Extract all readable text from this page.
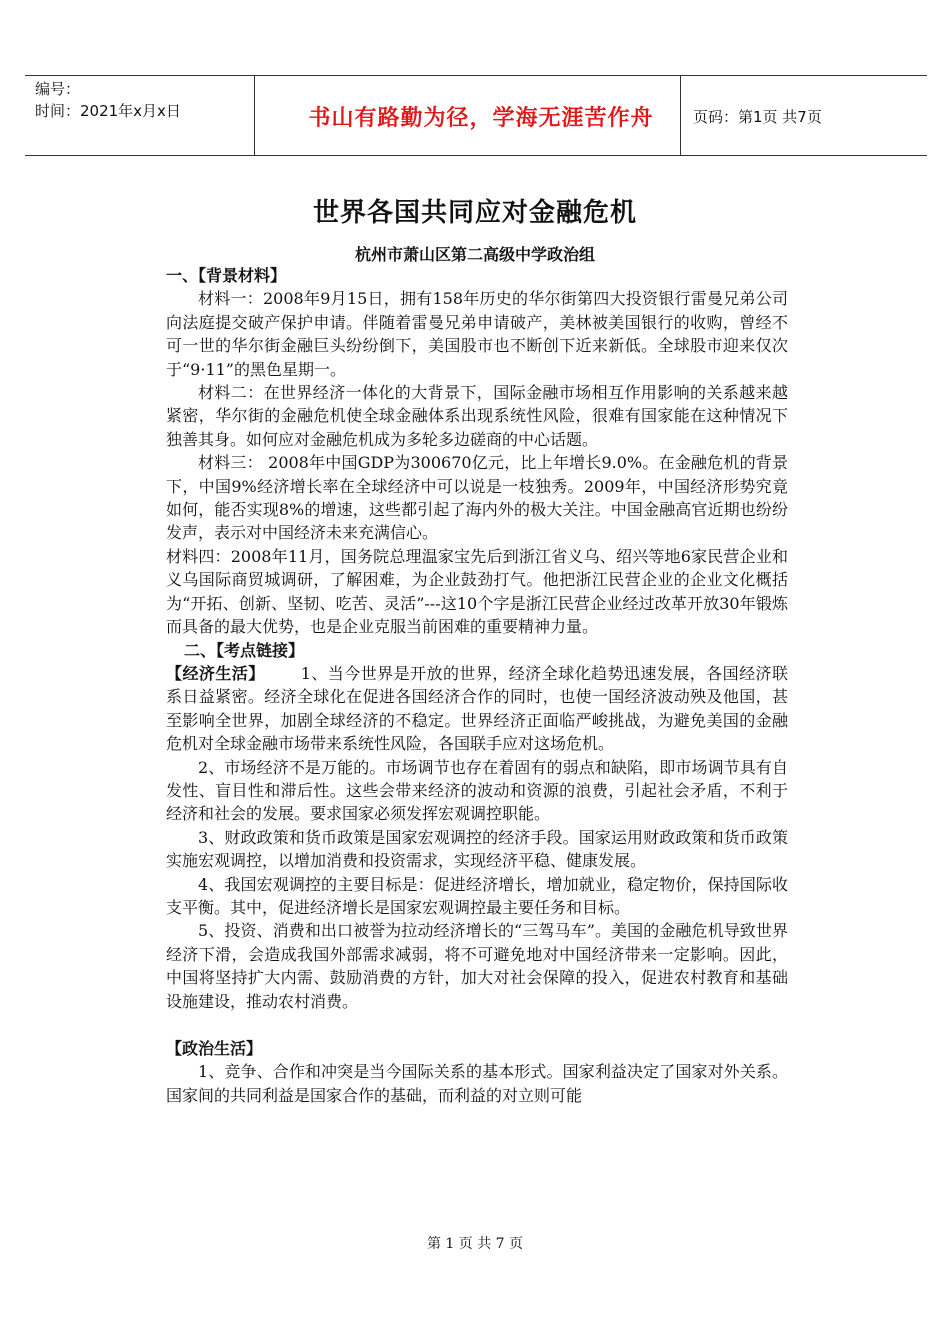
编号：
时间：2021年x月x日	书山有路勤为径，学海无涯苦作舟	页码：第1页 共7页
世界各国共同应对金融危机
杭州市萧山区第二高级中学政治组

一、【背景材料】

材料一：2008年9月15日，拥有158年历史的华尔街第四大投资银行雷曼兄弟公司向法庭提交破产保护申请。伴随着雷曼兄弟申请破产，美林被美国银行的收购，曾经不可一世的华尔街金融巨头纷纷倒下，美国股市也不断创下近来新低。全球股市迎来仅次于“9·11”的黑色星期一。

材料二：在世界经济一体化的大背景下，国际金融市场相互作用影响的关系越来越紧密，华尔街的金融危机使全球金融体系出现系统性风险，很难有国家能在这种情况下独善其身。如何应对金融危机成为多轮多边磋商的中心话题。

材料三： 2008年中国GDP为300670亿元，比上年增长9.0%。在金融危机的背景下，中国9%经济增长率在全球经济中可以说是一枝独秀。2009年，中国经济形势究竟如何，能否实现8%的增速，这些都引起了海内外的极大关注。中国金融高官近期也纷纷发声，表示对中国经济未来充满信心。

材料四：2008年11月，国务院总理温家宝先后到浙江省义乌、绍兴等地6家民营企业和义乌国际商贸城调研，了解困难，为企业鼓劲打气。他把浙江民营企业的企业文化概括为“开拓、创新、坚韧、吃苦、灵活”---这10个字是浙江民营企业经过改革开放30年锻炼而具备的最大优势，也是企业克服当前困难的重要精神力量。

二、【考点链接】

【经济生活】 1、当今世界是开放的世界，经济全球化趋势迅速发展，各国经济联系日益紧密。经济全球化在促进各国经济合作的同时，也使一国经济波动殃及他国，甚至影响全世界，加剧全球经济的不稳定。世界经济正面临严峻挑战，为避免美国的金融危机对全球金融市场带来系统性风险，各国联手应对这场危机。

2、市场经济不是万能的。市场调节也存在着固有的弱点和缺陷，即市场调节具有自发性、盲目性和滞后性。这些会带来经济的波动和资源的浪费，引起社会矛盾，不利于经济和社会的发展。要求国家必须发挥宏观调控职能。

3、财政政策和货币政策是国家宏观调控的经济手段。国家运用财政政策和货币政策实施宏观调控，以增加消费和投资需求，实现经济平稳、健康发展。

4、我国宏观调控的主要目标是：促进经济增长，增加就业，稳定物价，保持国际收支平衡。其中，促进经济增长是国家宏观调控最主要任务和目标。

5、投资、消费和出口被誉为拉动经济增长的“三驾马车”。美国的金融危机导致世界经济下滑，会造成我国外部需求减弱，将不可避免地对中国经济带来一定影响。因此，中国将坚持扩大内需、鼓励消费的方针，加大对社会保障的投入，促进农村教育和基础设施建设，推动农村消费。

【政治生活】

1、竞争、合作和冲突是当今国际关系的基本形式。国家利益决定了国家对外关系。国家间的共同利益是国家合作的基础，而利益的对立则可能

第 1 页 共 7 页
